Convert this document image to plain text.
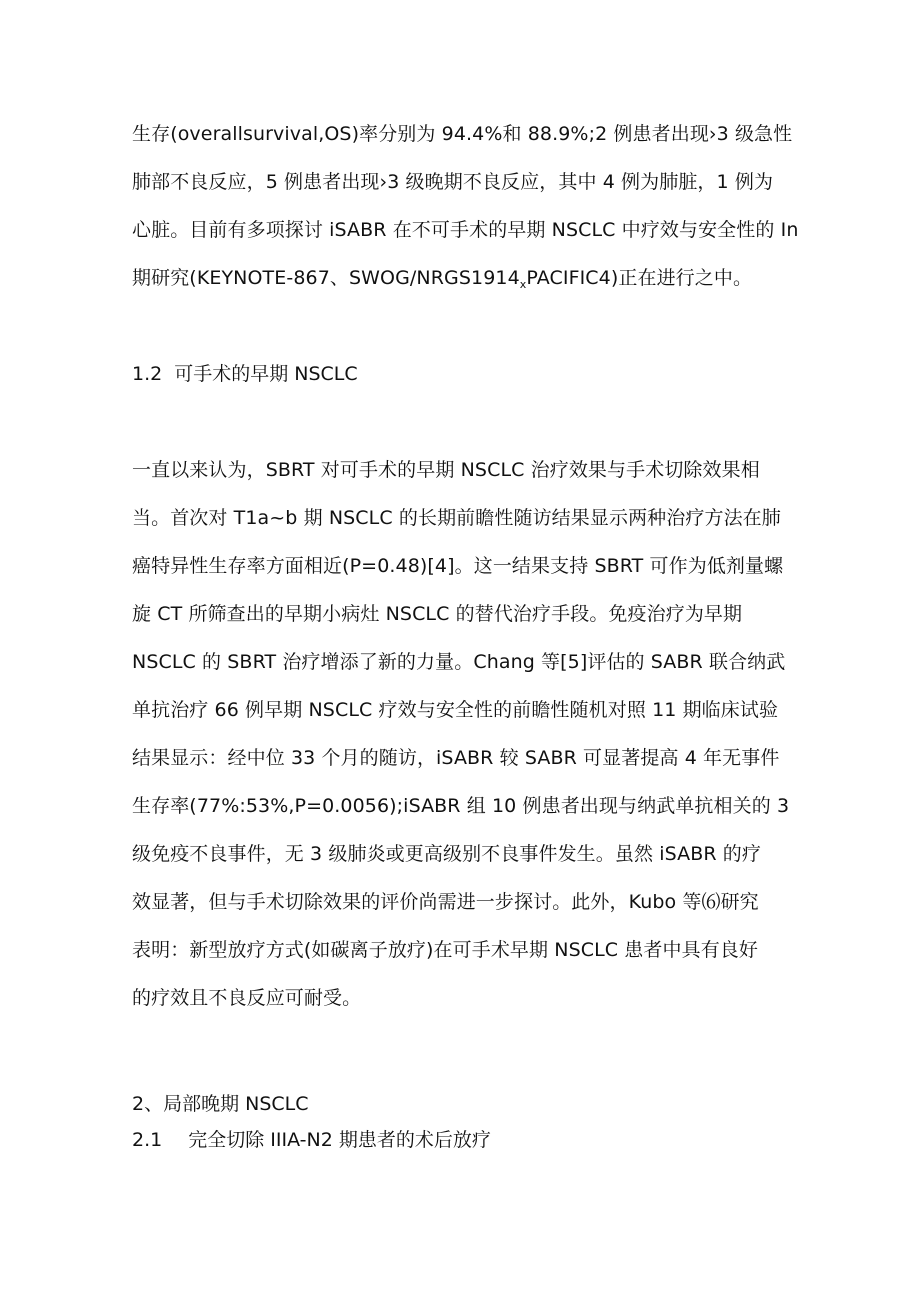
生存(overallsurvival,OS)率分别为 94.4%和 88.9%;2 例患者出现›3 级急性
肺部不良反应，5 例患者出现›3 级晚期不良反应，其中 4 例为肺脏，1 例为
心脏。目前有多项探讨 iSABR 在不可手术的早期 NSCLC 中疗效与安全性的 In
期研究(KEYNOTE-867、SWOG/$NRGS1914_xPACIFIC4$)正在进行之中。
1.2 可手术的早期 NSCLC
一直以来认为，SBRT 对可手术的早期 NSCLC 治疗效果与手术切除效果相
当。首次对 T1a~b 期 NSCLC 的长期前瞻性随访结果显示两种治疗方法在肺
癌特异性生存率方面相近(P=0.48)[4]。这一结果支持 SBRT 可作为低剂量螺
旋 CT 所筛查出的早期小病灶 NSCLC 的替代治疗手段。免疫治疗为早期
NSCLC 的 SBRT 治疗增添了新的力量。Chang 等[5]评估的 SABR 联合纳武
单抗治疗 66 例早期 NSCLC 疗效与安全性的前瞻性随机对照 11 期临床试验
结果显示：经中位 33 个月的随访，iSABR 较 SABR 可显著提高 4 年无事件
生存率(77%:53%,P=0.0056);iSABR 组 10 例患者出现与纳武单抗相关的 3
级免疫不良事件，无 3 级肺炎或更高级别不良事件发生。虽然 iSABR 的疗
效显著，但与手术切除效果的评价尚需进一步探讨。此外，Kubo 等⑹研究
表明：新型放疗方式(如碳离子放疗)在可手术早期 NSCLC 患者中具有良好
的疗效且不良反应可耐受。
2、局部晚期 NSCLC
2.1 完全切除 IIIA-N2 期患者的术后放疗
